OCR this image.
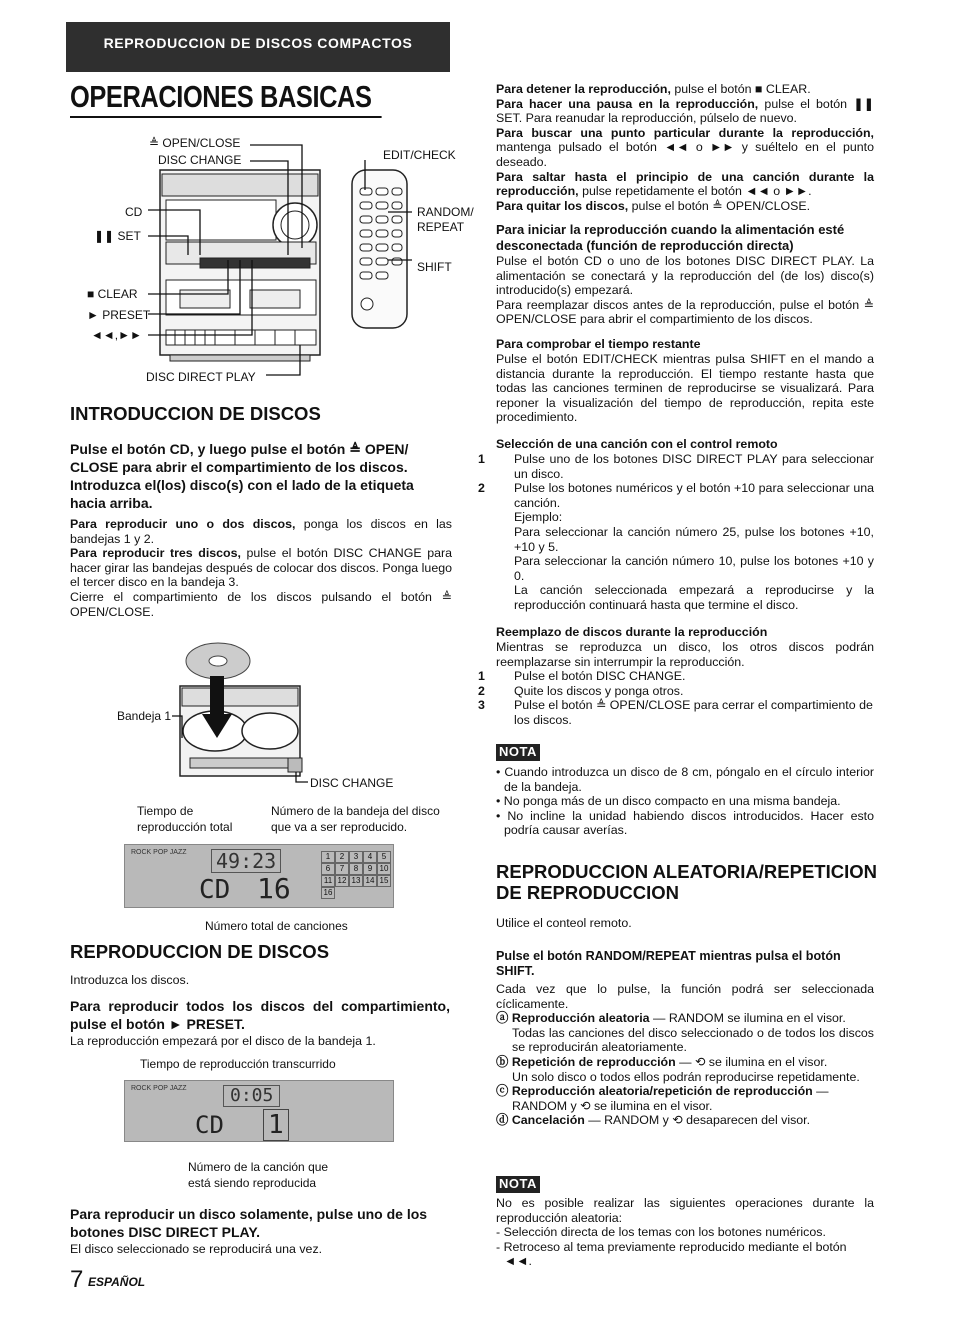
REPRODUCCION DE DISCOS COMPACTOS
OPERACIONES BASICAS
≜ OPEN/CLOSE
DISC CHANGE	EDIT/CHECK
CD	RANDOM/
REPEAT
❚❚ SET
SHIFT
■ CLEAR
► PRESET
◄◄,►►
DISC DIRECT PLAY
INTRODUCCION DE DISCOS
Pulse el botón CD, y luego pulse el botón ≜ OPEN/ CLOSE para abrir el compartimiento de los discos. Introduzca el(los) disco(s) con el lado de la etiqueta hacia arriba.

Para reproducir uno o dos discos, ponga los discos en las bandejas 1 y 2.

Para reproducir tres discos, pulse el botón DISC CHANGE para hacer girar las bandejas después de colocar dos discos. Ponga luego el tercer disco en la bandeja 3.

Cierre el compartimiento de los discos pulsando el botón ≜ OPEN/CLOSE.

Bandeja 1
DISC CHANGE
Tiempo de
reproducción total
Número de la bandeja del disco
que va a ser reproducido.
ROCK POP JAZZ 49:23
CD 16
1	2	3	4	5
6	7	8	9 10
11 12 13 14 15
16
Número total de canciones
REPRODUCCION DE DISCOS
Introduzca los discos.
Para reproducir todos los discos del compartimiento, pulse el botón ► PRESET.
La reproducción empezará por el disco de la bandeja 1.
Tiempo de reproducción transcurrido
ROCK POP JAZZ	0:05
CD 1
Número de la canción que
está siendo reproducida
Para reproducir un disco solamente, pulse uno de los botones DISC DIRECT PLAY.
El disco seleccionado se reproducirá una vez.
7 ESPAÑOL

Para detener la reproducción, pulse el botón ■ CLEAR.

Para hacer una pausa en la reproducción, pulse el botón ❚❚ SET. Para reanudar la reproducción, púlselo de nuevo.

Para buscar una punto particular durante la reproducción, mantenga pulsado el botón ◄◄ o ►► y suéltelo en el punto deseado.

Para saltar hasta el principio de una canción durante la reproducción, pulse repetidamente el botón ◄◄ o ►►.

Para quitar los discos, pulse el botón ≜ OPEN/CLOSE.

Para iniciar la reproducción cuando la alimentación esté desconectada (función de reproducción directa)

Pulse el botón CD o uno de los botones DISC DIRECT PLAY. La alimentación se conectará y la reproducción del (de los) disco(s) introducido(s) empezará.

Para reemplazar discos antes de la reproducción, pulse el botón ≜ OPEN/CLOSE para abrir el compartimiento de los discos.

Para comprobar el tiempo restante
Pulse el botón EDIT/CHECK mientras pulsa SHIFT en el mando a distancia durante la reproducción. El tiempo restante hasta que todas las canciones terminen de reproducirse se visualizará. Para reponer la visualización del tiempo de reproducción, repita este procedimiento.
Selección de una canción con el control remoto

1 Pulse uno de los botones DISC DIRECT PLAY para seleccionar un disco.

2 Pulse los botones numéricos y el botón +10 para seleccionar una canción.

Ejemplo:

Para seleccionar la canción número 25, pulse los botones +10, +10 y 5.

Para seleccionar la canción número 10, pulse los botones +10 y 0.

La canción seleccionada empezará a reproducirse y la reproducción continuará hasta que termine el disco.

Reemplazo de discos durante la reproducción

Mientras se reproduzca un disco, los otros discos podrán reemplazarse sin interrumpir la reproducción.

1 Pulse el botón DISC CHANGE.

2 Quite los discos y ponga otros.

3 Pulse el botón ≜ OPEN/CLOSE para cerrar el compartimiento de los discos.

NOTA

• Cuando introduzca un disco de 8 cm, póngalo en el círculo interior de la bandeja.

• No ponga más de un disco compacto en una misma bandeja.

• No incline la unidad habiendo discos introducidos. Hacer esto podría causar averías.

REPRODUCCION ALEATORIA/REPETICION DE REPRODUCCION
Utilice el conteol remoto.
Pulse el botón RANDOM/REPEAT mientras pulsa el botón SHIFT.

Cada vez que lo pulse, la función podrá ser seleccionada cíclicamente.

ⓐ Reproducción aleatoria — RANDOM se ilumina en el visor.

Todas las canciones del disco seleccionado o de todos los discos se reproducirán aleatoriamente.

ⓑ Repetición de reproducción — ⟲ se ilumina en el visor.

Un solo disco o todos ellos podrán reproducirse repetidamente.

ⓒ Reproducción aleatoria/repetición de reproducción —

RANDOM y ⟲ se ilumina en el visor.

ⓓ Cancelación — RANDOM y ⟲ desaparecen del visor.

NOTA

No es posible realizar las siguientes operaciones durante la reproducción aleatoria:

- Selección directa de los temas con los botones numéricos.

- Retroceso al tema previamente reproducido mediante el botón

◄◄.
